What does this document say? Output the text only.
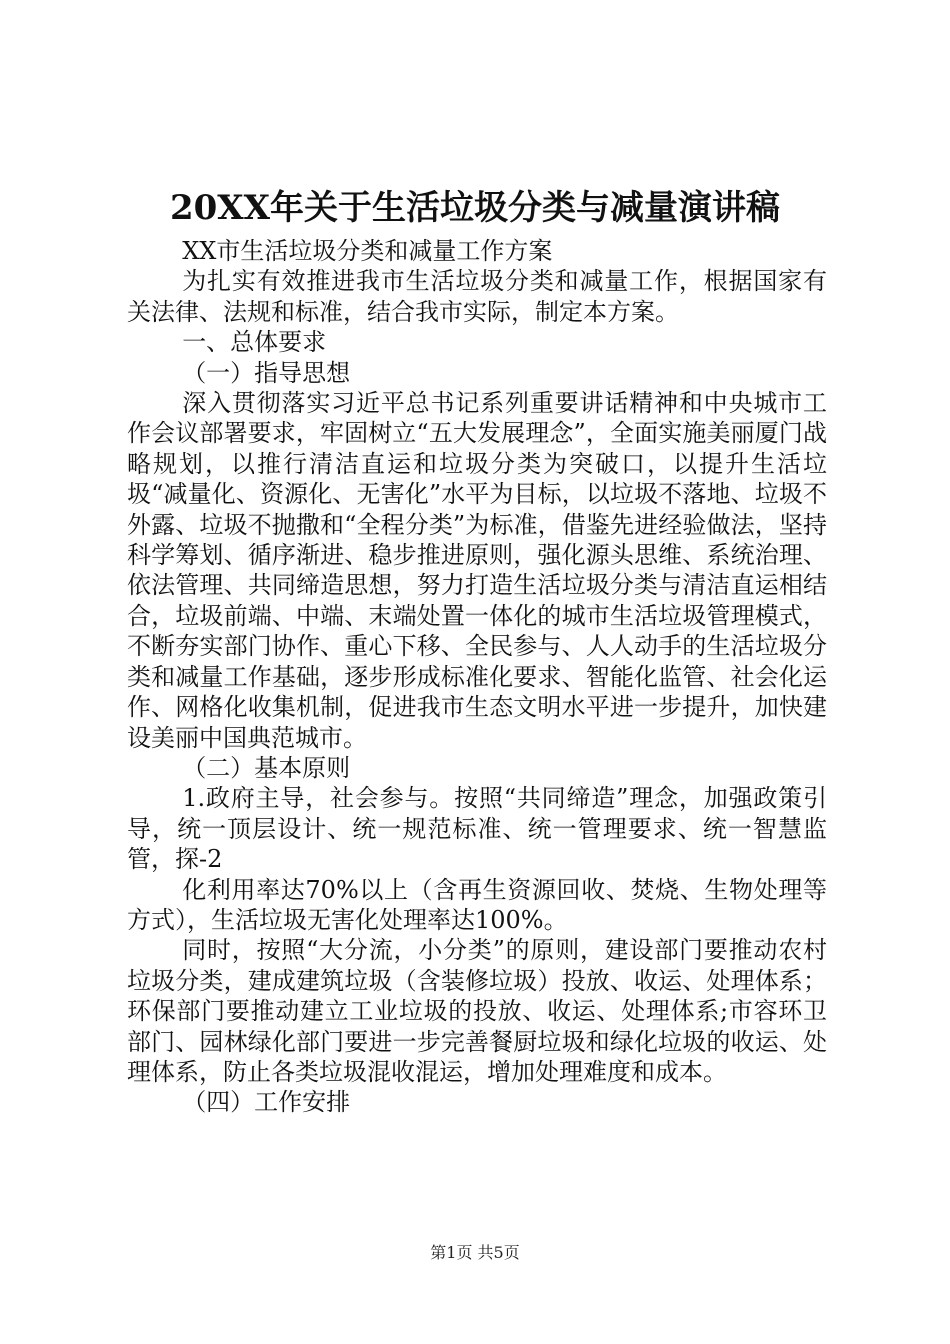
20XX年关于生活垃圾分类与减量演讲稿

XX市生活垃圾分类和减量工作方案

为扎实有效推进我市生活垃圾分类和减量工作，根据国家有关法律、法规和标准，结合我市实际，制定本方案。

一、总体要求

（一）指导思想

深入贯彻落实习近平总书记系列重要讲话精神和中央城市工作会议部署要求，牢固树立“五大发展理念”，全面实施美丽厦门战略规划，以推行清洁直运和垃圾分类为突破口，以提升生活垃圾“减量化、资源化、无害化”水平为目标，以垃圾不落地、垃圾不外露、垃圾不抛撒和“全程分类”为标准，借鉴先进经验做法，坚持科学筹划、循序渐进、稳步推进原则，强化源头思维、系统治理、依法管理、共同缔造思想，努力打造生活垃圾分类与清洁直运相结合，垃圾前端、中端、末端处置一体化的城市生活垃圾管理模式，不断夯实部门协作、重心下移、全民参与、人人动手的生活垃圾分类和减量工作基础，逐步形成标准化要求、智能化监管、社会化运作、网格化收集机制，促进我市生态文明水平进一步提升，加快建设美丽中国典范城市。

（二）基本原则

1.政府主导，社会参与。按照“共同缔造”理念，加强政策引导，统一顶层设计、统一规范标准、统一管理要求、统一智慧监管，探-2

化利用率达70%以上（含再生资源回收、焚烧、生物处理等方式），生活垃圾无害化处理率达100%。

同时，按照“大分流，小分类”的原则，建设部门要推动农村垃圾分类，建成建筑垃圾（含装修垃圾）投放、收运、处理体系；环保部门要推动建立工业垃圾的投放、收运、处理体系;市容环卫部门、园林绿化部门要进一步完善餐厨垃圾和绿化垃圾的收运、处理体系，防止各类垃圾混收混运，增加处理难度和成本。

（四）工作安排

第1页 共5页
